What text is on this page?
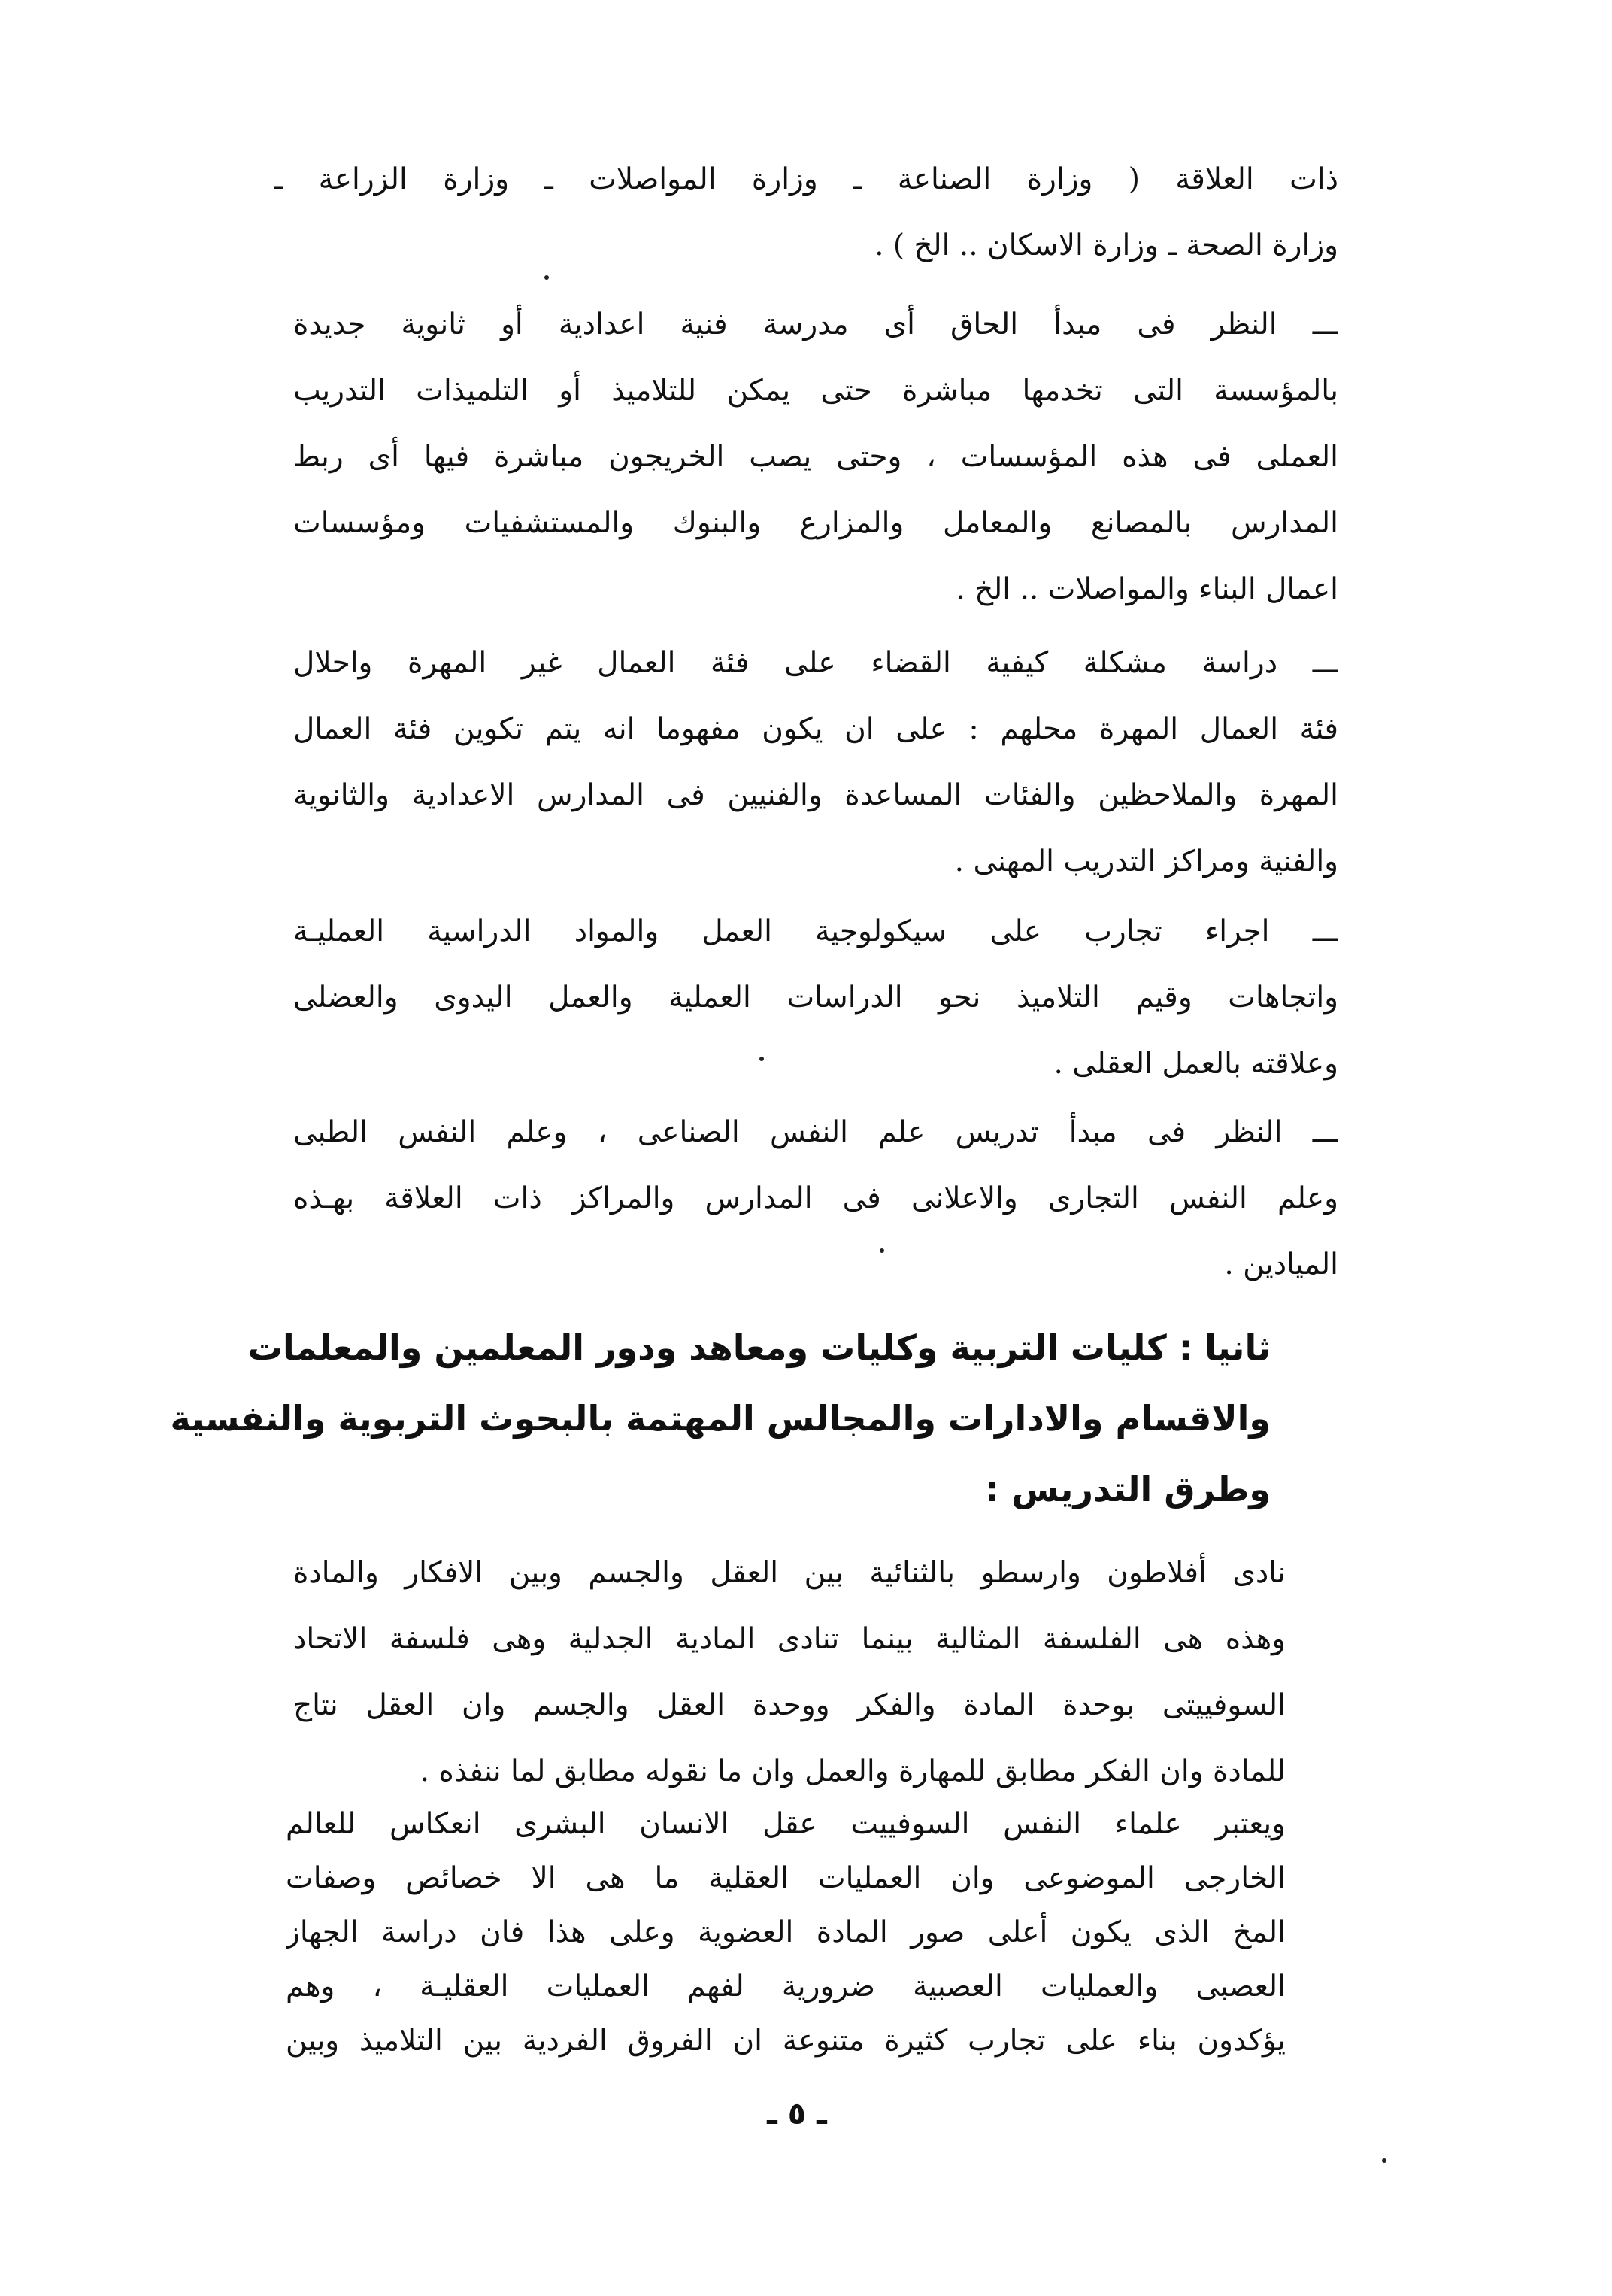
ذات العلاقة ( وزارة الصناعة ـ وزارة المواصلات ـ وزارة الزراعة ـ
وزارة الصحة ـ وزارة الاسكان .. الخ ) .
ـــ النظر فى مبدأ الحاق أى مدرسة فنية اعدادية أو ثانوية جديدة
بالمؤسسة التى تخدمها مباشرة حتى يمكن للتلاميذ أو التلميذات التدريب
العملى فى هذه المؤسسات ، وحتى يصب الخريجون مباشرة فيها أى ربط
المدارس بالمصانع والمعامل والمزارع والبنوك والمستشفيات ومؤسسات
اعمال البناء والمواصلات .. الخ .
ـــ دراسة مشكلة كيفية القضاء على فئة العمال غير المهرة واحلال
فئة العمال المهرة محلهم : على ان يكون مفهوما انه يتم تكوين فئة العمال
المهرة والملاحظين والفئات المساعدة والفنيين فى المدارس الاعدادية والثانوية
والفنية ومراكز التدريب المهنى .
ـــ اجراء تجارب على سيكولوجية العمل والمواد الدراسية العمليـة
واتجاهات وقيم التلاميذ نحو الدراسات العملية والعمل اليدوى والعضلى
وعلاقته بالعمل العقلى .
ـــ النظر فى مبدأ تدريس علم النفس الصناعى ، وعلم النفس الطبى
وعلم النفس التجارى والاعلانى فى المدارس والمراكز ذات العلاقة بهـذه
الميادين .
ثانيا : كليات التربية وكليات ومعاهد ودور المعلمين والمعلمات
والاقسام والادارات والمجالس المهتمة بالبحوث التربوية والنفسية
وطرق التدريس :
نادى أفلاطون وارسطو بالثنائية بين العقل والجسم وبين الافكار والمادة
وهذه هى الفلسفة المثالية بينما تنادى المادية الجدلية وهى فلسفة الاتحاد
السوفييتى بوحدة المادة والفكر ووحدة العقل والجسم وان العقل نتاج
للمادة وان الفكر مطابق للمهارة والعمل وان ما نقوله مطابق لما ننفذه .
ويعتبر علماء النفس السوفييت عقل الانسان البشرى انعكاس للعالم
الخارجى الموضوعى وان العمليات العقلية ما هى الا خصائص وصفات
المخ الذى يكون أعلى صور المادة العضوية وعلى هذا فان دراسة الجهاز
العصبى والعمليات العصبية ضرورية لفهم العمليات العقليـة ، وهم
يؤكدون بناء على تجارب كثيرة متنوعة ان الفروق الفردية بين التلاميذ وبين
ـ ٥ ـ
